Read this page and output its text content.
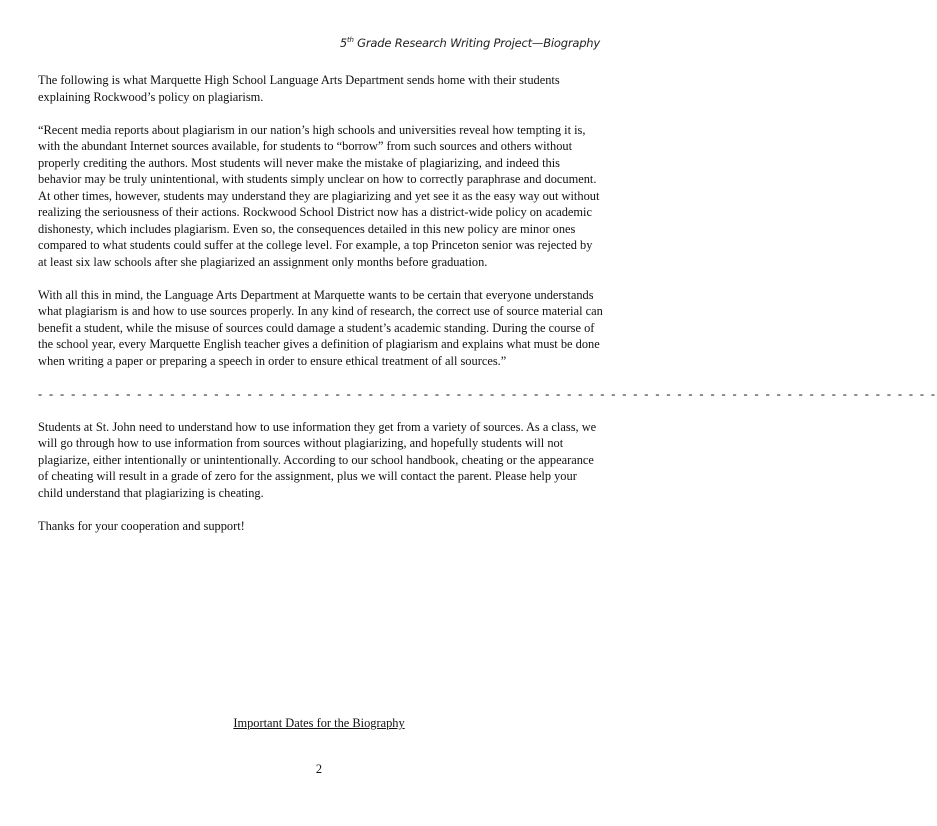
5th Grade Research Writing Project—Biography

The following is what Marquette High School Language Arts Department sends home with their students explaining Rockwood’s policy on plagiarism.

“Recent media reports about plagiarism in our nation’s high schools and universities reveal how tempting it is, with the abundant Internet sources available, for students to “borrow” from such sources and others without properly crediting the authors. Most students will never make the mistake of plagiarizing, and indeed this behavior may be truly unintentional, with students simply unclear on how to correctly paraphrase and document. At other times, however, students may understand they are plagiarizing and yet see it as the easy way out without realizing the seriousness of their actions. Rockwood School District now has a district-wide policy on academic dishonesty, which includes plagiarism. Even so, the consequences detailed in this new policy are minor ones compared to what students could suffer at the college level. For example, a top Princeton senior was rejected by at least six law schools after she plagiarized an assignment only months before graduation.

With all this in mind, the Language Arts Department at Marquette wants to be certain that everyone understands what plagiarism is and how to use sources properly. In any kind of research, the correct use of source material can benefit a student, while the misuse of sources could damage a student’s academic standing. During the course of the school year, every Marquette English teacher gives a definition of plagiarism and explains what must be done when writing a paper or preparing a speech in order to ensure ethical treatment of all sources.”

- - - - - - - - - - - - - - - - - - - - - - - - - - - - - - - - - - - - - - - - - - - - - - - - - - - - - - - - - - - - - - - - - - - - - - - - - - - - - - - - - -

Students at St. John need to understand how to use information they get from a variety of sources. As a class, we will go through how to use information from sources without plagiarizing, and hopefully students will not plagiarize, either intentionally or unintentionally. According to our school handbook, cheating or the appearance of cheating will result in a grade of zero for the assignment, plus we will contact the parent. Please help your child understand that plagiarizing is cheating.

Thanks for your cooperation and support!

Important Dates for the Biography
2
